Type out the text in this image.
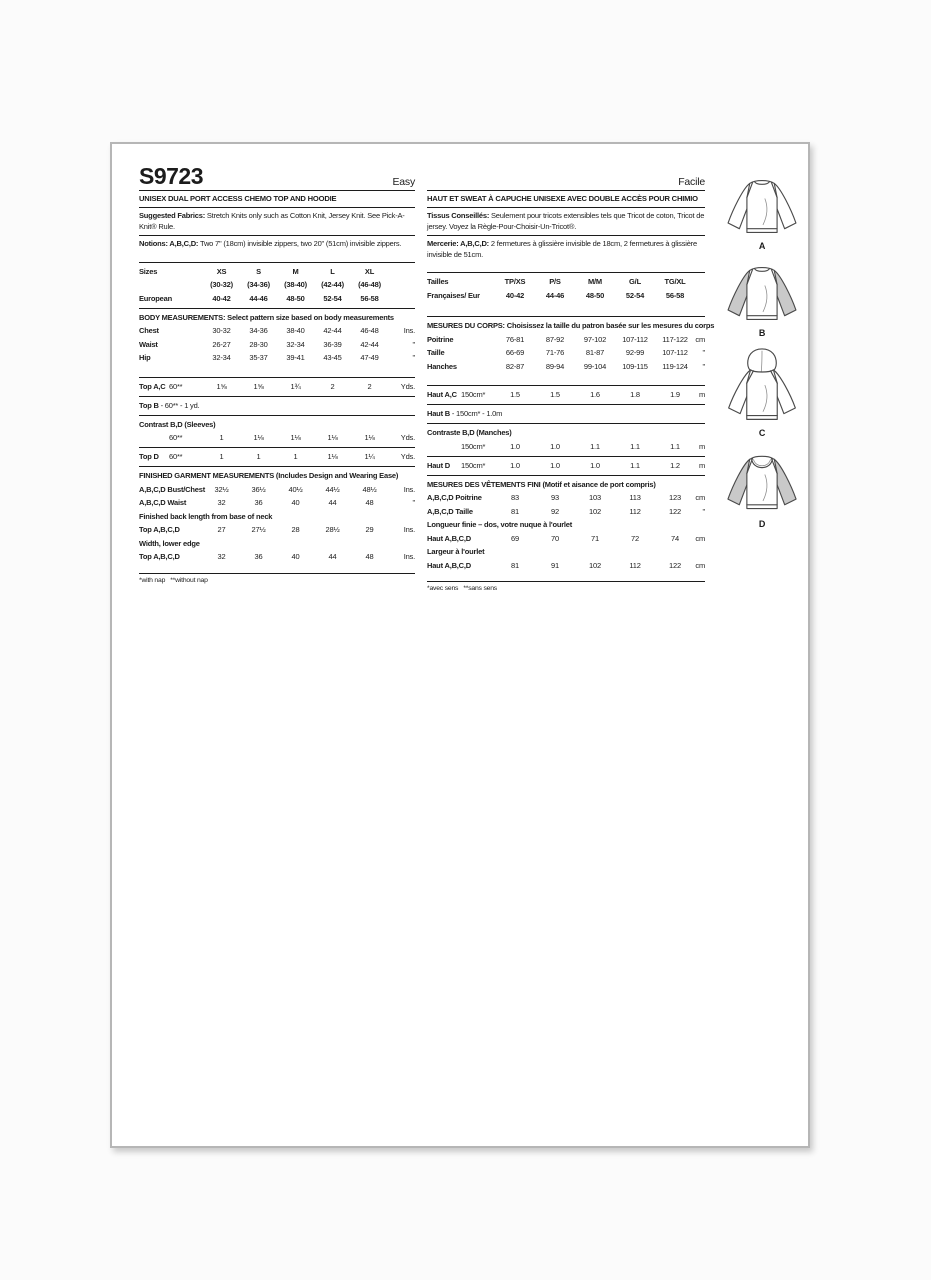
S9723	Easy
UNISEX DUAL PORT ACCESS CHEMO TOP AND HOODIE
Suggested Fabrics: Stretch Knits only such as Cotton Knit, Jersey Knit. See Pick-A-Knit® Rule.
Notions: A,B,C,D: Two 7" (18cm) invisible zippers, two 20" (51cm) invisible zippers.
Sizes	XS	S	M	L	XL
(30-32)	(34-36)	(38-40)	(42-44)	(46-48)
European	40-42	44-46	48-50	52-54	56-58
BODY MEASUREMENTS: Select pattern size based on body measurements
Chest	30-32	34-36	38-40	42-44	46-48	Ins.
Waist	26-27	28-30	32-34	36-39	42-44	"
Hip	32-34	35-37	39-41	43-45	47-49	"
Top A,C 60**	1⅝	1⅝	1¾	2	2	Yds.
Top B - 60** - 1 yd.
Contrast B,D (Sleeves)
60**	1	1⅛	1⅛	1⅛	1⅛	Yds.
Top D 60**	1	1	1	1⅛	1¼	Yds.
FINISHED GARMENT MEASUREMENTS (Includes Design and Wearing Ease)
A,B,C,D Bust/Chest	32½	36½	40½	44½	48½	Ins.
A,B,C,D Waist	32	36	40	44	48	"
Finished back length from base of neck
Top A,B,C,D	27	27½	28	28½	29	Ins.
Width, lower edge
Top A,B,C,D	32	36	40	44	48	Ins.
*with nap   **without nap
Facile
HAUT ET SWEAT À CAPUCHE UNISEXE AVEC DOUBLE ACCÈS POUR CHIMIO
Tissus Conseillés: Seulement pour tricots extensibles tels que Tricot de coton, Tricot de jersey. Voyez la Règle-Pour-Choisir-Un-Tricot®.
Mercerie: A,B,C,D: 2 fermetures à glissière invisible de 18cm, 2 fermetures à glissière invisible de 51cm.
Tailles	TP/XS	P/S	M/M	G/L	TG/XL
Françaises/ Eur	40-42	44-46	48-50	52-54	56-58
MESURES DU CORPS: Choisissez la taille du patron basée sur les mesures du corps
Poitrine	76-81	87-92	97-102	107-112	117-122	cm
Taille	66-69	71-76	81-87	92-99	107-112	"
Hanches	82-87	89-94	99-104	109-115	119-124	"
Haut A,C 150cm*	1.5	1.5	1.6	1.8	1.9	m
Haut B - 150cm* - 1.0m
Contraste B,D (Manches)
150cm*	1.0	1.0	1.1	1.1	1.1	m
Haut D 150cm*	1.0	1.0	1.0	1.1	1.2	m
MESURES DES VÊTEMENTS FINI (Motif et aisance de port compris)
A,B,C,D Poitrine	83	93	103	113	123	cm
A,B,C,D Taille	81	92	102	112	122	"
Longueur finie – dos, votre nuque à l'ourlet
Haut A,B,C,D	69	70	71	72	74	cm
Largeur à l'ourlet
Haut A,B,C,D	81	91	102	112	122	cm
*avec sens   **sans sens
A
B
C
D
